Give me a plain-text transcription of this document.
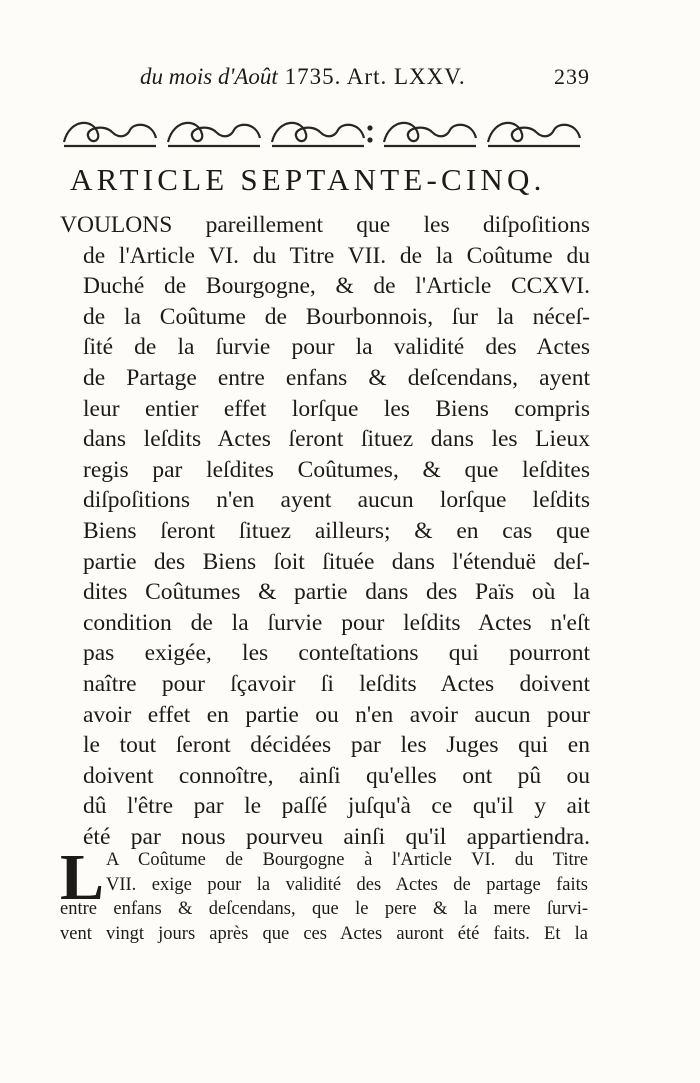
du mois d'Août 1735. Art. LXXV.	239
ARTICLE SEPTANTE-CINQ.
VOULONS pareillement que les diſpoſitions
de l'Article VI. du Titre VII. de la Coûtume du
Duché de Bourgogne, & de l'Article CCXVI.
de la Coûtume de Bourbonnois, ſur la néceſ-
ſité de la ſurvie pour la validité des Actes
de Partage entre enfans & deſcendans, ayent
leur entier effet lorſque les Biens compris
dans leſdits Actes ſeront ſituez dans les Lieux
regis par leſdites Coûtumes, & que leſdites
diſpoſitions n'en ayent aucun lorſque leſdits
Biens ſeront ſituez ailleurs; & en cas que
partie des Biens ſoit ſituée dans l'étenduë deſ-
dites Coûtumes & partie dans des Païs où la
condition de la ſurvie pour leſdits Actes n'eſt
pas exigée, les conteſtations qui pourront
naître pour ſçavoir ſi leſdits Actes doivent
avoir effet en partie ou n'en avoir aucun pour
le tout ſeront décidées par les Juges qui en
doivent connoître, ainſi qu'elles ont pû ou
dû l'être par le paſſé juſqu'à ce qu'il y ait
été par nous pourveu ainſi qu'il appartiendra.
L A Coûtume de Bourgogne à l'Article VI. du Titre
VII. exige pour la validité des Actes de partage faits
entre enfans & deſcendans, que le pere & la mere ſurvi-
vent vingt jours après que ces Actes auront été faits. Et la
